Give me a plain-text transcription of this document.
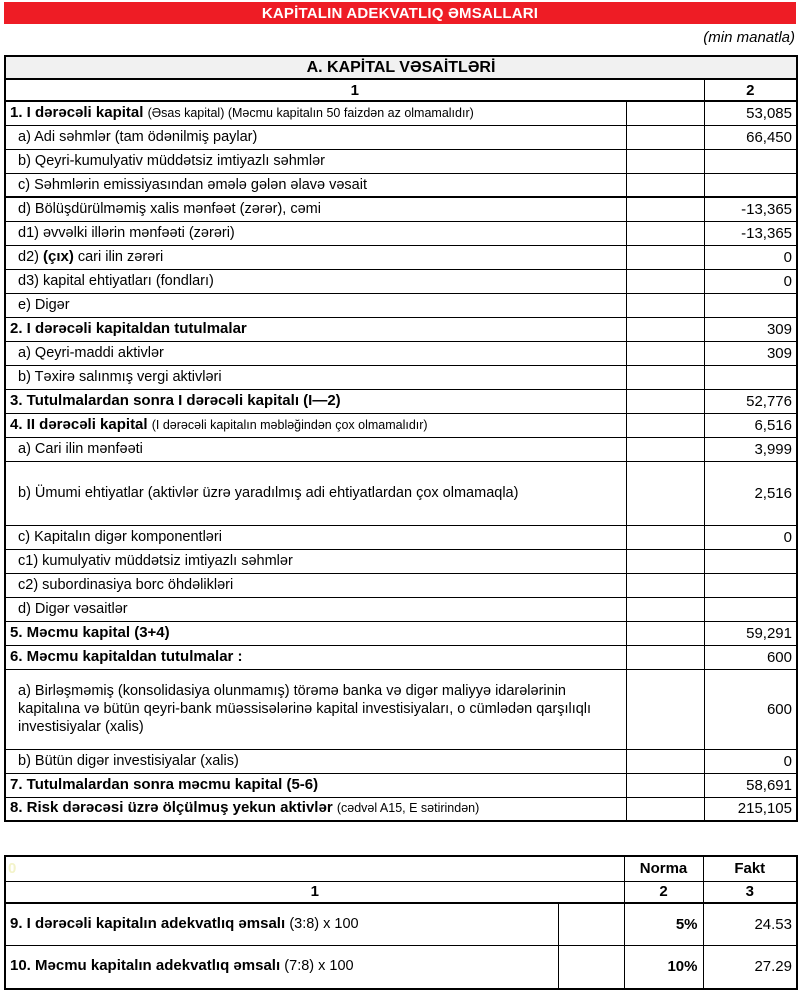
KAPİTALIN ADEKVATLIQ ƏMSALLARI
(min manatla)
A. KAPİTAL VƏSAİTLƏRİ		
1		2
1. I dərəcəli kapital (Əsas kapital) (Məcmu kapitalın 50 faizdən az olmamalıdır)		53,085
a) Adi səhmlər (tam ödənilmiş paylar)		66,450
b) Qeyri-kumulyativ müddətsiz imtiyazlı səhmlər		
c) Səhmlərin emissiyasından əmələ gələn əlavə vəsait		
d) Bölüşdürülməmiş xalis mənfəət (zərər), cəmi		-13,365
d1) əvvəlki illərin mənfəəti (zərəri)		-13,365
d2) (çıx) cari ilin zərəri		0
d3) kapital ehtiyatları (fondları)		0
e) Digər		
2. I dərəcəli kapitaldan tutulmalar		309
a) Qeyri-maddi aktivlər		309
b) Təxirə salınmış vergi aktivləri		
3. Tutulmalardan sonra I dərəcəli kapitalı (I—2)		52,776
4. II dərəcəli kapital (I dərəcəli kapitalın məbləğindən çox olmamalıdır)		6,516
a) Cari ilin mənfəəti		3,999
b) Ümumi ehtiyatlar (aktivlər üzrə yaradılmış adi ehtiyatlardan çox olmamaqla)		2,516
c) Kapitalın digər komponentləri		0
c1) kumulyativ müddətsiz imtiyazlı səhmlər		
c2) subordinasiya borc öhdəlikləri		
d) Digər vəsaitlər		
5. Məcmu kapital (3+4)		59,291
6. Məcmu kapitaldan tutulmalar :		600
a) Birləşməmiş (konsolidasiya olunmamış) törəmə banka və digər maliyyə idarələrinin kapitalına və bütün qeyri-bank müəssisələrinə kapital investisiyaları, o cümlədən qarşılıqlı investisiyalar (xalis)		600
b) Bütün digər investisiyalar (xalis)		0
7. Tutulmalardan sonra məcmu kapital (5-6)		58,691
8. Risk dərəcəsi üzrə ölçülmuş yekun aktivlər (cədvəl A15, E sətirindən)		215,105
0		Norma	Fakt
1		2	3
9. I dərəcəli kapitalın adekvatlıq əmsalı (3:8) x 100		5%	24.53
10. Məcmu kapitalın adekvatlıq əmsalı (7:8) x 100		10%	27.29
